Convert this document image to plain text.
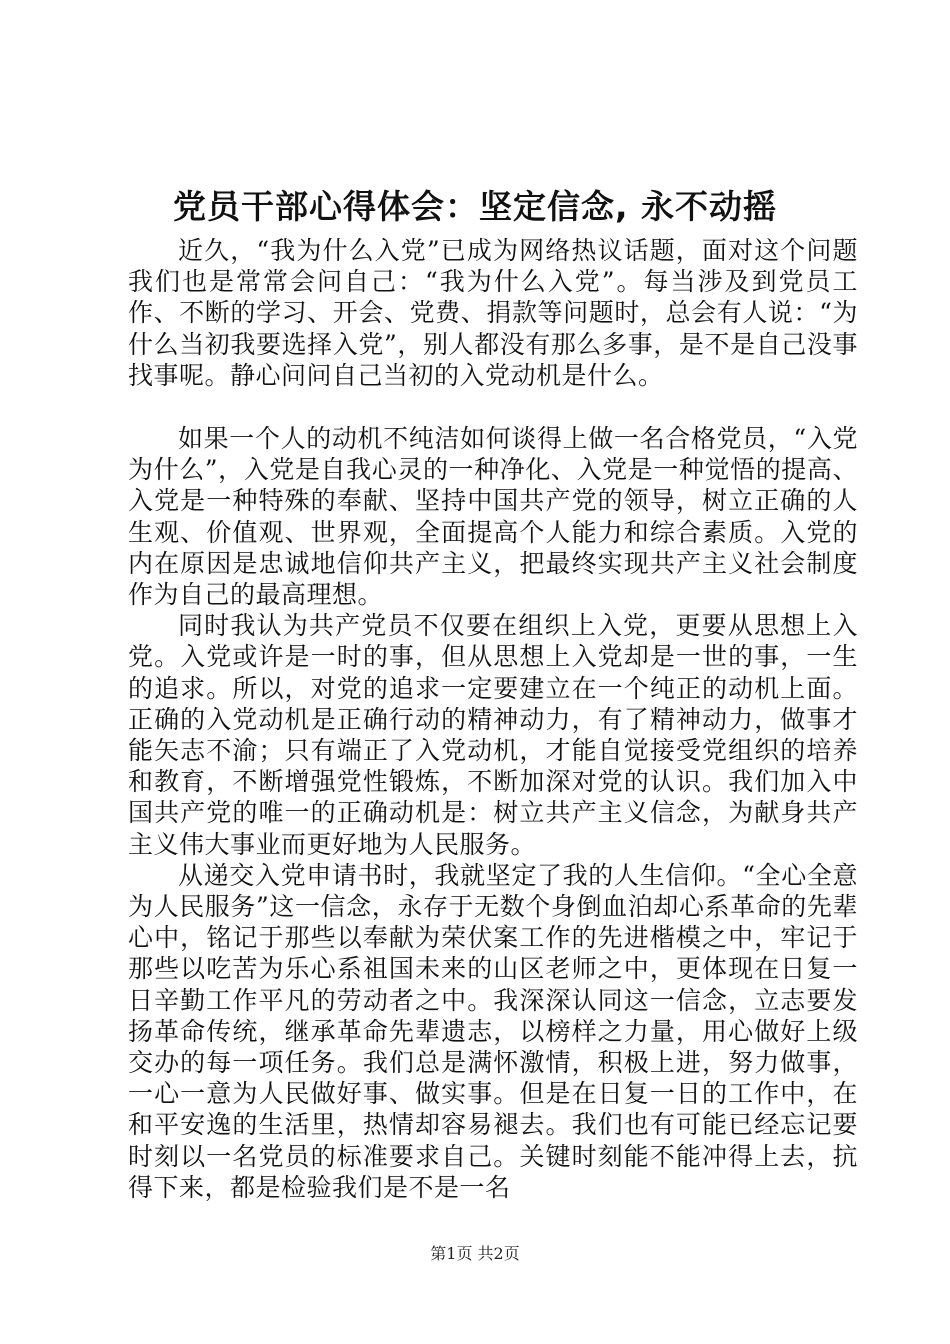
党员干部心得体会：坚定信念, 永不动摇

近久，“我为什么入党”已成为网络热议话题，面对这个问题我们也是常常会问自己：“我为什么入党”。每当涉及到党员工作、不断的学习、开会、党费、捐款等问题时，总会有人说：“为什么当初我要选择入党”，别人都没有那么多事，是不是自己没事找事呢。静心问问自己当初的入党动机是什么。

如果一个人的动机不纯洁如何谈得上做一名合格党员，“入党为什么”，入党是自我心灵的一种净化、入党是一种觉悟的提高、入党是一种特殊的奉献、坚持中国共产党的领导，树立正确的人生观、价值观、世界观，全面提高个人能力和综合素质。入党的内在原因是忠诚地信仰共产主义，把最终实现共产主义社会制度作为自己的最高理想。

同时我认为共产党员不仅要在组织上入党，更要从思想上入党。入党或许是一时的事，但从思想上入党却是一世的事，一生的追求。所以，对党的追求一定要建立在一个纯正的动机上面。正确的入党动机是正确行动的精神动力，有了精神动力，做事才能矢志不渝；只有端正了入党动机，才能自觉接受党组织的培养和教育，不断增强党性锻炼，不断加深对党的认识。我们加入中国共产党的唯一的正确动机是：树立共产主义信念，为献身共产主义伟大事业而更好地为人民服务。

从递交入党申请书时，我就坚定了我的人生信仰。“全心全意为人民服务”这一信念，永存于无数个身倒血泊却心系革命的先辈心中，铭记于那些以奉献为荣伏案工作的先进楷模之中，牢记于那些以吃苦为乐心系祖国未来的山区老师之中，更体现在日复一日辛勤工作平凡的劳动者之中。我深深认同这一信念，立志要发扬革命传统，继承革命先辈遗志，以榜样之力量，用心做好上级交办的每一项任务。我们总是满怀激情，积极上进，努力做事，一心一意为人民做好事、做实事。但是在日复一日的工作中，在和平安逸的生活里，热情却容易褪去。我们也有可能已经忘记要时刻以一名党员的标准要求自己。关键时刻能不能冲得上去，抗得下来，都是检验我们是不是一名

第1页 共2页
